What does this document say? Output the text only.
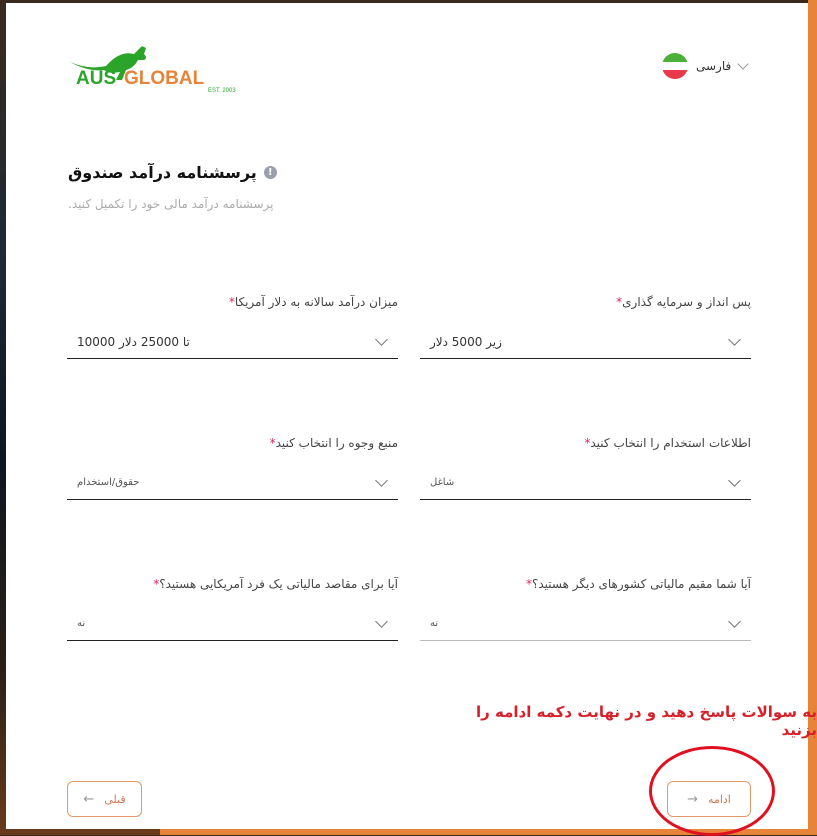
AUS GLOBAL
EST. 2003
فارسی
پرسشنامه درآمد صندوق	!
پرسشنامه درآمد مالی خود را تکمیل کنید.
میزان درآمد سالانه به دلار آمریکا
*
تا 25000 دلار 10000
پس انداز و سرمایه گذاری
*
زیر 5000 دلار
منبع وجوه را انتخاب کنید
*
حقوق/استخدام
اطلاعات استخدام را انتخاب کنید
*
شاغل
آیا برای مقاصد مالیاتی یک فرد آمریکایی هستید؟
*
نه
آیا شما مقیم مالیاتی کشورهای دیگر هستید؟
*
نه
به سوالات پاسخ دهید و در نهایت دکمه ادامه را بزنید
← قبلی	→ ادامه
